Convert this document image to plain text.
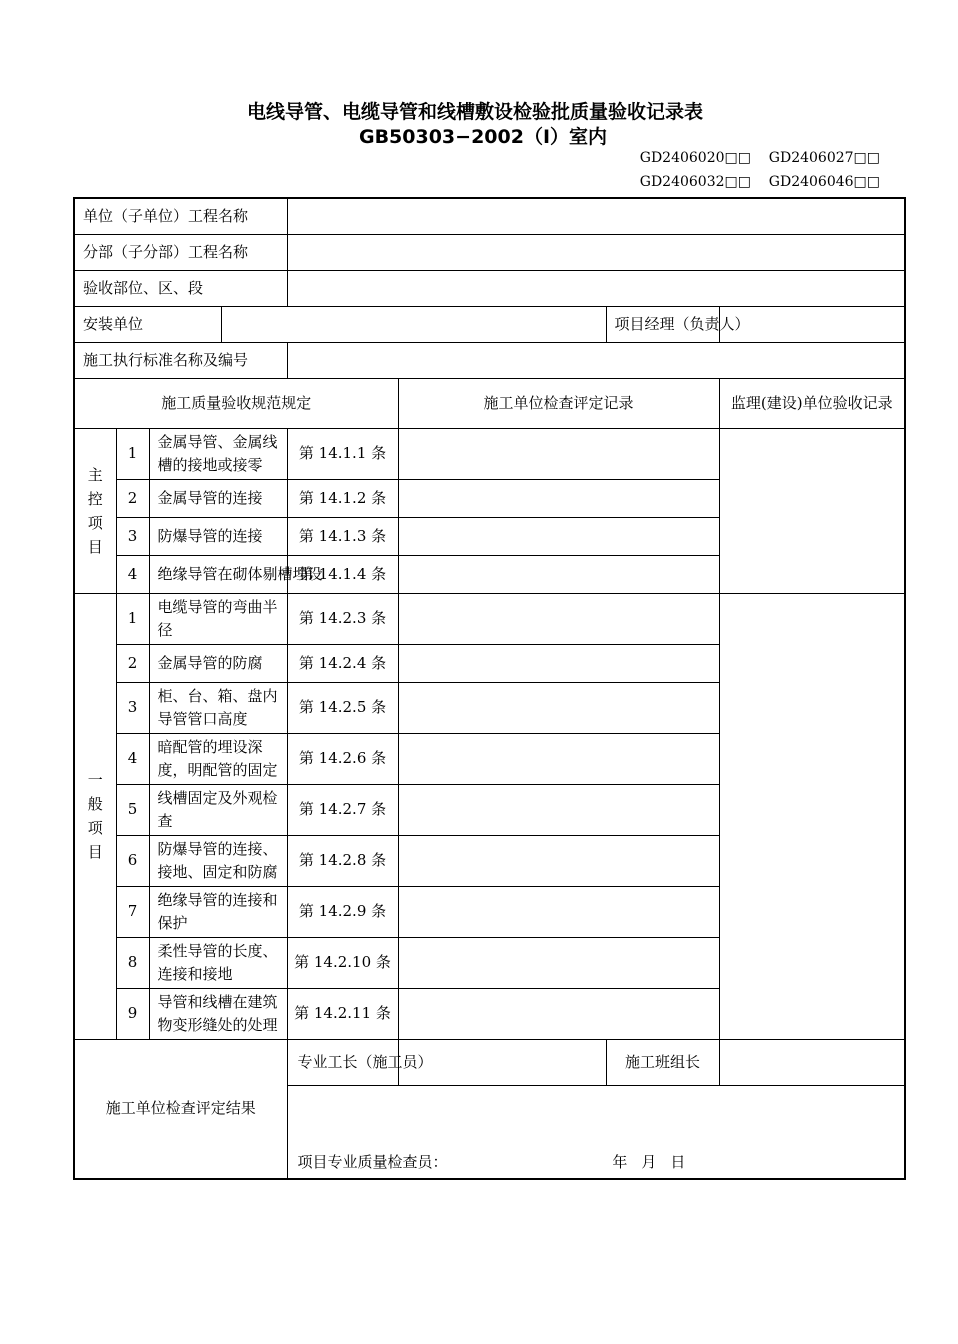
电线导管、电缆导管和线槽敷设检验批质量验收记录表
GB50303−2002（Ⅰ）室内
GD2406020□□    GD2406027□□
GD2406032□□    GD2406046□□
单位（子单位）工程名称							
分部（子分部）工程名称							
验收部位、区、段							
安装单位						项目经理（负责人）	
施工执行标准名称及编号							
施工质量验收规范规定					施工单位检查评定记录		监理(建设)单位验收记录

主
控
项
目	1	金属导管、金属线槽的接地或接零		第 14.1.1 条			
	2	金属导管的连接		第 14.1.2 条			
	3	防爆导管的连接		第 14.1.3 条			
	4	绝缘导管在砌体剔槽埋设		第 14.1.4 条			

一
般
项
目	1	电缆导管的弯曲半径		第 14.2.3 条			
	2	金属导管的防腐		第 14.2.4 条			
	3	柜、台、箱、盘内导管管口高度		第 14.2.5 条			
	4	暗配管的埋设深度，明配管的固定		第 14.2.6 条			
	5	线槽固定及外观检查		第 14.2.7 条			
	6	防爆导管的连接、接地、固定和防腐		第 14.2.8 条			
	7	绝缘导管的连接和保护		第 14.2.9 条			
	8	柔性导管的长度、连接和接地		第 14.2.10 条			
	9	导管和线槽在建筑物变形缝处的处理		第 14.2.11 条			
施工单位检查评定结果				专业工长（施工员）		施工班组长	
				项目专业质量检查员： 年 月 日			
